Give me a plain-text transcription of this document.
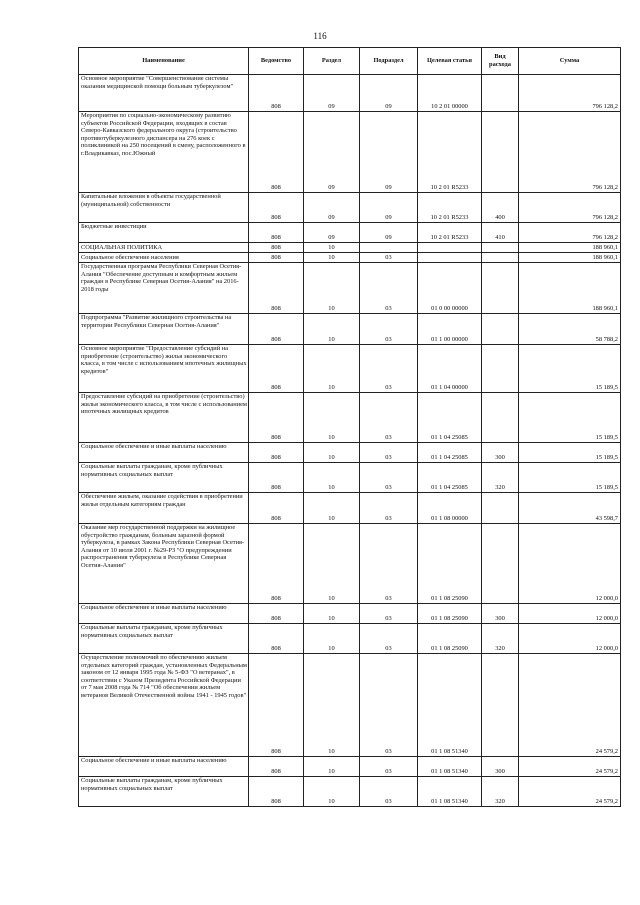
116
Наименование	Ведомство	Раздел	Подраздел	Целевая статья	Вид расхода	Сумма
Основное мероприятие "Совершенствование системы оказания медицинской помощи больным туберкулезом"	808	09	09	10 2 01 00000		796 128,2
Мероприятия по социально-экономическому развитию субъектов Российской Федерации, входящих в состав Северо-Кавказского федерального округа (строительство противотуберкулезного диспансера на 276 коек с поликлиникой на 250 посещений в смену, расположенного в г.Владикавказ, пос.Южный	808	09	09	10 2 01 R5233		796 128,2
Капитальные вложения в объекты государственной (муниципальной) собственности	808	09	09	10 2 01 R5233	400	796 128,2
Бюджетные инвестиции	808	09	09	10 2 01 R5233	410	796 128,2
СОЦИАЛЬНАЯ ПОЛИТИКА	808	10				188 960,1
Социальное обеспечение населения	808	10	03			188 960,1
Государственная программа Республики Северная Осетия-Алания "Обеспечение доступным и комфортным жильем граждан в Республике Северная Осетия-Алания" на 2016-2018 годы	808	10	03	01 0 00 00000		188 960,1
Подпрограмма "Развитие жилищного строительства на территории Республики Северная Осетия-Алания"	808	10	03	01 1 00 00000		58 788,2
Основное мероприятие "Предоставление субсидий на приобретение (строительство) жилья экономического класса, в том числе с использованием ипотечных жилищных кредитов"	808	10	03	01 1 04 00000		15 189,5
Предоставление субсидий на приобретение (строительство) жилья экономического класса, в том числе с использованием ипотечных жилищных кредитов	808	10	03	01 1 04 25085		15 189,5
Социальное обеспечение и иные выплаты населению	808	10	03	01 1 04 25085	300	15 189,5
Социальные выплаты гражданам, кроме публичных нормативных социальных выплат	808	10	03	01 1 04 25085	320	15 189,5
Обеспечение жильем, оказание содействия в приобретении жилья отдельным категориям граждан	808	10	03	01 1 08 00000		43 598,7
Оказание мер государственной поддержки на жилищное обустройство гражданам, больным заразной формой туберкулеза, в рамках Закона Республики Северная Осетия-Алания от 10 июля 2001 г. №29-РЗ "О предупреждении распространения туберкулеза в Республике Северная Осетия-Алания"	808	10	03	01 1 08 25090		12 000,0
Социальное обеспечение и иные выплаты населению	808	10	03	01 1 08 25090	300	12 000,0
Социальные выплаты гражданам, кроме публичных нормативных социальных выплат	808	10	03	01 1 08 25090	320	12 000,0
Осуществление полномочий по обеспечению жильем отдельных категорий граждан, установленных Федеральным законом от 12 января 1995 года № 5-ФЗ "О ветеранах", в соответствии с Указом Президента Российской Федерации от 7 мая 2008 года № 714 "Об обеспечении жильем ветеранов Великой Отечественной войны 1941 - 1945 годов"	808	10	03	01 1 08 51340		24 579,2
Социальное обеспечение и иные выплаты населению	808	10	03	01 1 08 51340	300	24 579,2
Социальные выплаты гражданам, кроме публичных нормативных социальных выплат	808	10	03	01 1 08 51340	320	24 579,2
